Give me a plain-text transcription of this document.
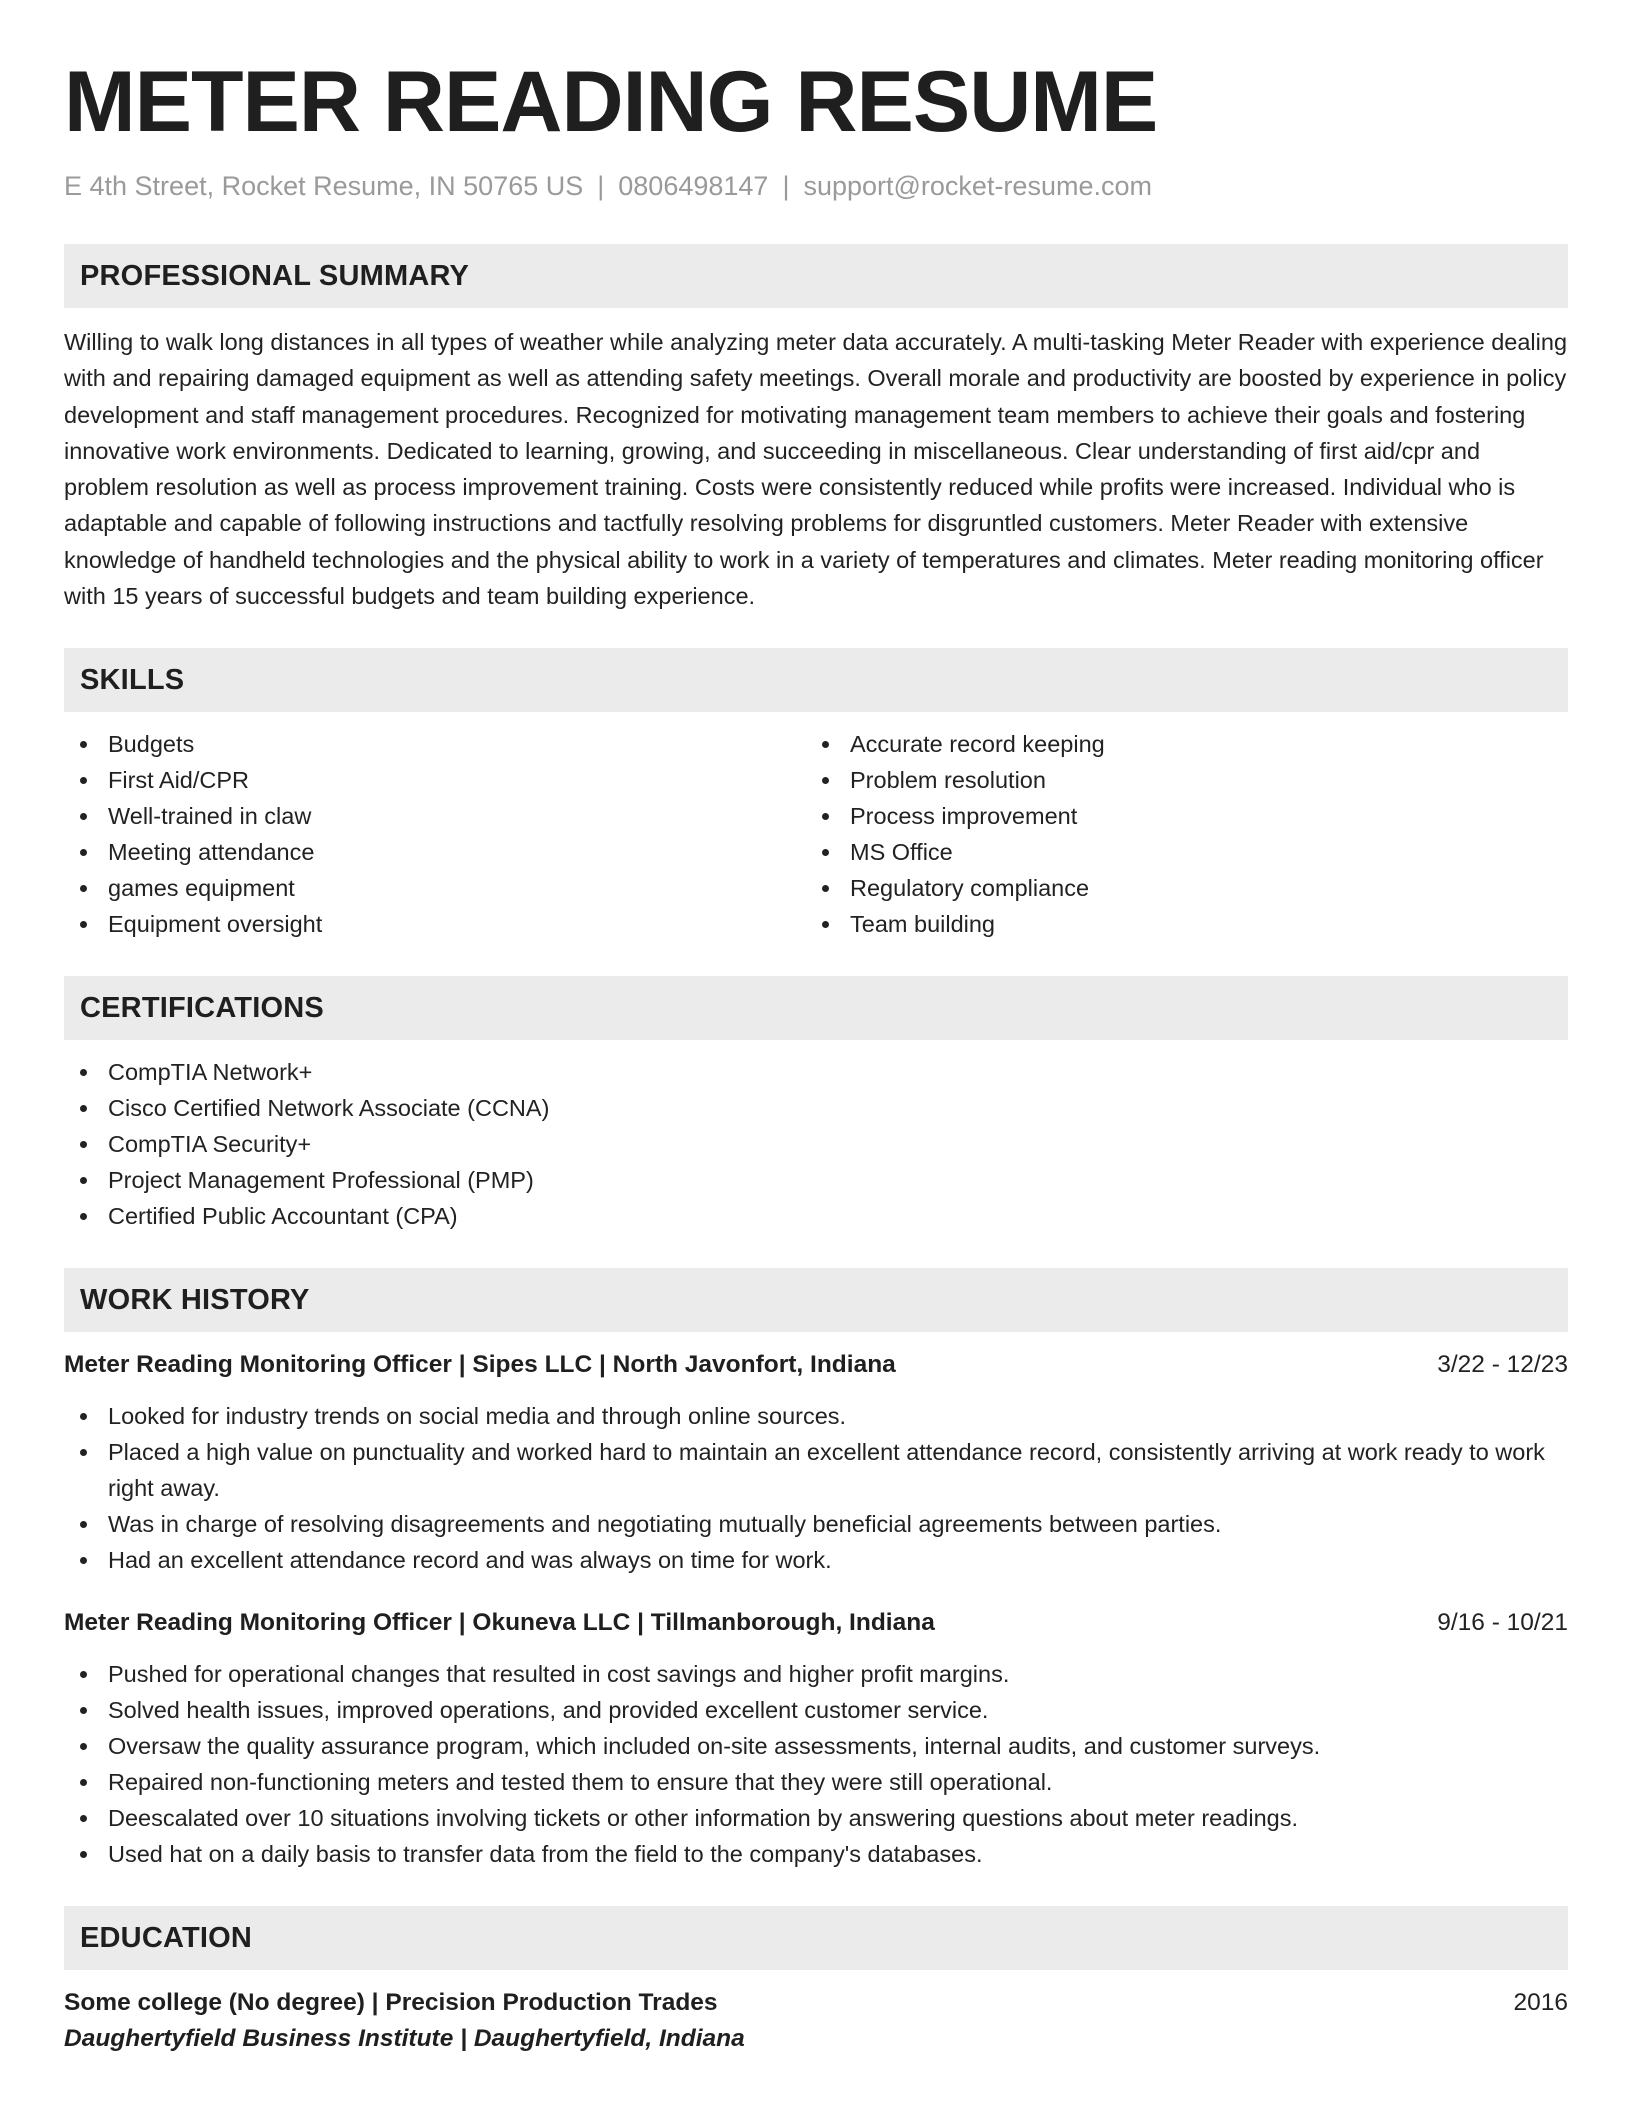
METER READING RESUME
E 4th Street, Rocket Resume, IN 50765 US | 0806498147 | support@rocket-resume.com
PROFESSIONAL SUMMARY

Willing to walk long distances in all types of weather while analyzing meter data accurately. A multi-tasking Meter Reader with experience dealing with and repairing damaged equipment as well as attending safety meetings. Overall morale and productivity are boosted by experience in policy development and staff management procedures. Recognized for motivating management team members to achieve their goals and fostering innovative work environments. Dedicated to learning, growing, and succeeding in miscellaneous. Clear understanding of first aid/cpr and problem resolution as well as process improvement training. Costs were consistently reduced while profits were increased. Individual who is adaptable and capable of following instructions and tactfully resolving problems for disgruntled customers. Meter Reader with extensive knowledge of handheld technologies and the physical ability to work in a variety of temperatures and climates. Meter reading monitoring officer with 15 years of successful budgets and team building experience.

SKILLS
Budgets
First Aid/CPR
Well-trained in claw
Meeting attendance
games equipment
Equipment oversight
Accurate record keeping
Problem resolution
Process improvement
MS Office
Regulatory compliance
Team building
CERTIFICATIONS
CompTIA Network+
Cisco Certified Network Associate (CCNA)
CompTIA Security+
Project Management Professional (PMP)
Certified Public Accountant (CPA)
WORK HISTORY
Meter Reading Monitoring Officer | Sipes LLC | North Javonfort, Indiana	3/22 - 12/23
Looked for industry trends on social media and through online sources.
Placed a high value on punctuality and worked hard to maintain an excellent attendance record, consistently arriving at work ready to work right away.
Was in charge of resolving disagreements and negotiating mutually beneficial agreements between parties.
Had an excellent attendance record and was always on time for work.
Meter Reading Monitoring Officer | Okuneva LLC | Tillmanborough, Indiana	9/16 - 10/21
Pushed for operational changes that resulted in cost savings and higher profit margins.
Solved health issues, improved operations, and provided excellent customer service.
Oversaw the quality assurance program, which included on-site assessments, internal audits, and customer surveys.
Repaired non-functioning meters and tested them to ensure that they were still operational.
Deescalated over 10 situations involving tickets or other information by answering questions about meter readings.
Used hat on a daily basis to transfer data from the field to the company's databases.
EDUCATION
Some college (No degree) | Precision Production Trades	2016
Daughertyfield Business Institute | Daughertyfield, Indiana
